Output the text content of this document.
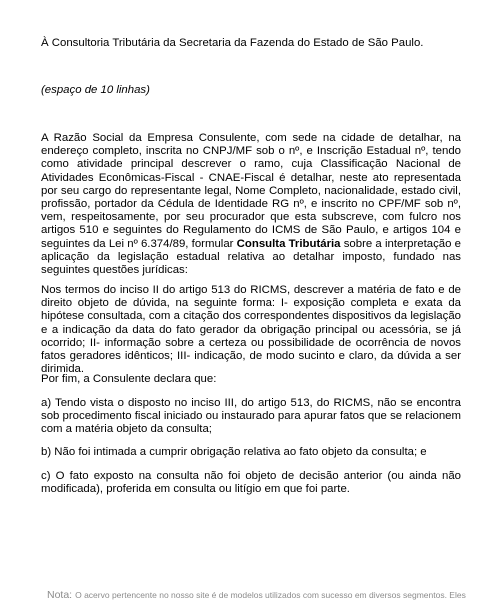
À Consultoria Tributária da Secretaria da Fazenda do Estado de São Paulo.

(espaço de 10 linhas)

A Razão Social da Empresa Consulente, com sede na cidade de detalhar, na endereço completo, inscrita no CNPJ/MF sob o nº, e Inscrição Estadual nº, tendo como atividade principal descrever o ramo, cuja Classificação Nacional de Atividades Econômicas-Fiscal - CNAE-Fiscal é detalhar, neste ato representada por seu cargo do representante legal, Nome Completo, nacionalidade, estado civil, profissão, portador da Cédula de Identidade RG nº, e inscrito no CPF/MF sob nº, vem, respeitosamente, por seu procurador que esta subscreve, com fulcro nos artigos 510 e seguintes do Regulamento do ICMS de São Paulo, e artigos 104 e seguintes da Lei nº 6.374/89, formular Consulta Tributária sobre a interpretação e aplicação da legislação estadual relativa ao detalhar imposto, fundado nas seguintes questões jurídicas:

Nos termos do inciso II do artigo 513 do RICMS, descrever a matéria de fato e de direito objeto de dúvida, na seguinte forma: I- exposição completa e exata da hipótese consultada, com a citação dos correspondentes dispositivos da legislação e a indicação da data do fato gerador da obrigação principal ou acessória, se já ocorrido; II- informação sobre a certeza ou possibilidade de ocorrência de novos fatos geradores idênticos; III- indicação, de modo sucinto e claro, da dúvida a ser dirimida.

Por fim, a Consulente declara que:

a) Tendo vista o disposto no inciso III, do artigo 513, do RICMS, não se encontra sob procedimento fiscal iniciado ou instaurado para apurar fatos que se relacionem com a matéria objeto da consulta;

b) Não foi intimada a cumprir obrigação relativa ao fato objeto da consulta; e

c) O fato exposto na consulta não foi objeto de decisão anterior (ou ainda não modificada), proferida em consulta ou litígio em que foi parte.

Nota: O acervo pertencente no nosso site é de modelos utilizados com sucesso em diversos segmentos. Eles
